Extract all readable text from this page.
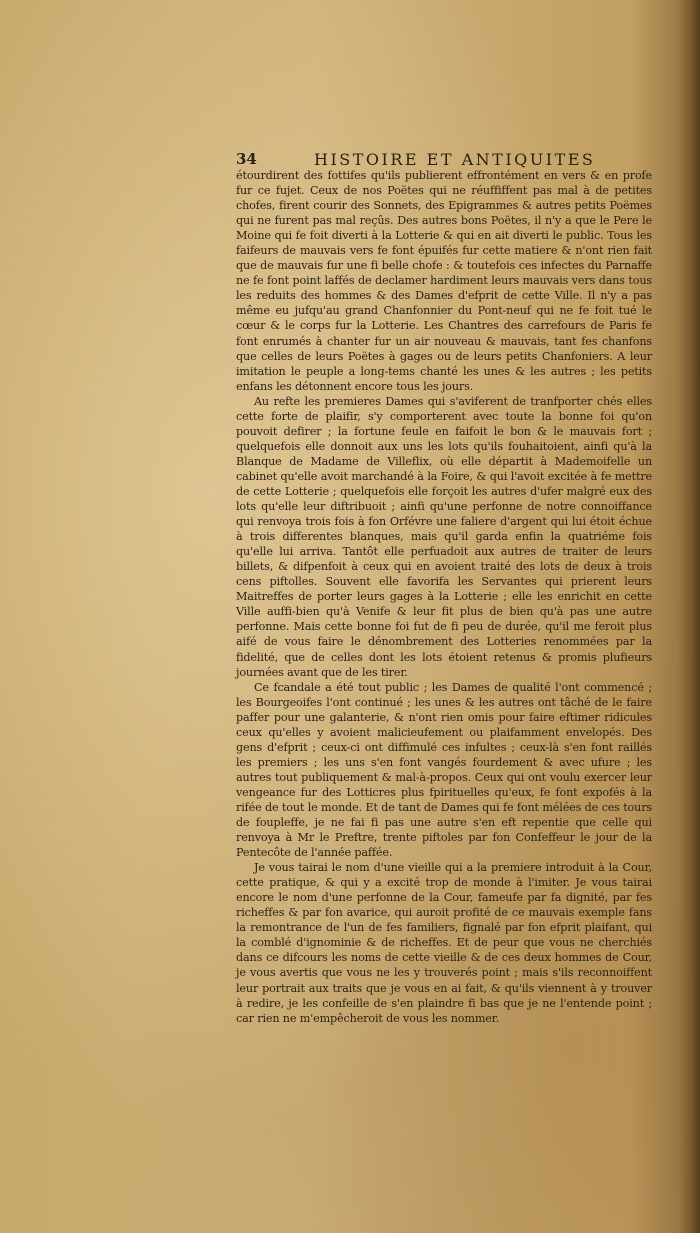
34	HISTOIRE ET ANTIQUITES

étourdirent des fottifes qu'ils publierent effrontément en vers & en profe fur ce fujet. Ceux de nos Poëtes qui ne réuffiffent pas mal à de petites chofes, firent courir des Sonnets, des Epigrammes & autres petits Poëmes qui ne furent pas mal reçûs. Des autres bons Poëtes, il n'y a que le Pere le Moine qui fe foit diverti à la Lotterie & qui en ait diverti le public. Tous les faifeurs de mauvais vers fe font épuifés fur cette matiere & n'ont rien fait que de mauvais fur une fi belle chofe : & toutefois ces infectes du Parnaffe ne fe font point laffés de declamer hardiment leurs mauvais vers dans tous les reduits des hommes & des Dames d'efprit de cette Ville. Il n'y a pas même eu jufqu'au grand Chanfonnier du Pont-neuf qui ne fe foit tué le cœur & le corps fur la Lotterie. Les Chantres des carrefours de Paris fe font enrumés à chanter fur un air nouveau & mauvais, tant fes chanfons que celles de leurs Poëtes à gages ou de leurs petits Chanfoniers. A leur imitation le peuple a long-tems chanté les unes & les autres ; les petits enfans les détonnent encore tous les jours.

Au refte les premieres Dames qui s'aviferent de tranfporter chés elles cette forte de plaifir, s'y comporterent avec toute la bonne foi qu'on pouvoit defirer ; la fortune feule en faifoit le bon & le mauvais fort ; quelquefois elle donnoit aux uns les lots qu'ils fouhaitoient, ainfi qu'à la Blanque de Madame de Villeflix, où elle départit à Mademoifelle un cabinet qu'elle avoit marchandé à la Foire, & qui l'avoit excitée à fe mettre de cette Lotterie ; quelquefois elle forçoit les autres d'ufer malgré eux des lots qu'elle leur diftribuoit ; ainfi qu'une perfonne de notre connoiffance qui renvoya trois fois à fon Orfévre une faliere d'argent qui lui étoit échue à trois differentes blanques, mais qu'il garda enfin la quatriéme fois qu'elle lui arriva. Tantôt elle perfuadoit aux autres de traiter de leurs billets, & difpenfoit à ceux qui en avoient traité des lots de deux à trois cens piftolles. Souvent elle favorifa les Servantes qui prierent leurs Maitreffes de porter leurs gages à la Lotterie ; elle les enrichit en cette Ville auffi-bien qu'à Venife & leur fit plus de bien qu'à pas une autre perfonne. Mais cette bonne foi fut de fi peu de durée, qu'il me feroit plus aifé de vous faire le dénombrement des Lotteries renommées par la fidelité, que de celles dont les lots étoient retenus & promis plufieurs journées avant que de les tirer.

Ce fcandale a été tout public ; les Dames de qualité l'ont commencé ; les Bourgeoifes l'ont continué ; les unes & les autres ont tâché de le faire paffer pour une galanterie, & n'ont rien omis pour faire eftimer ridicules ceux qu'elles y avoient malicieufement ou plaifamment envelopés. Des gens d'efprit ; ceux-ci ont diffimulé ces infultes ; ceux-là s'en font raillés les premiers ; les uns s'en font vangés fourdement & avec ufure ; les autres tout publiquement & mal-à-propos. Ceux qui ont voulu exercer leur vengeance fur des Lotticres plus fpirituelles qu'eux, fe font expofés à la rifée de tout le monde. Et de tant de Dames qui fe font mélées de ces tours de foupleffe, je ne fai fi pas une autre s'en eft repentie que celle qui renvoya à Mr le Preftre, trente piftoles par fon Confeffeur le jour de la Pentecôte de l'année paffée.

Je vous tairai le nom d'une vieille qui a la premiere introduit à la Cour, cette pratique, & qui y a excité trop de monde à l'imiter. Je vous tairai encore le nom d'une perfonne de la Cour, fameufe par fa dignité, par fes richeffes & par fon avarice, qui auroit profité de ce mauvais exemple fans la remontrance de l'un de fes familiers, fignalé par fon efprit plaifant, qui la comblé d'ignominie & de richeffes. Et de peur que vous ne cherchiés dans ce difcours les noms de cette vieille & de ces deux hommes de Cour, je vous avertis que vous ne les y trouverés point ; mais s'ils reconnoiffent leur portrait aux traits que je vous en ai fait, & qu'ils viennent à y trouver à redire, je les confeille de s'en plaindre fi bas que je ne l'entende point ; car rien ne m'empêcheroit de vous les nommer.
